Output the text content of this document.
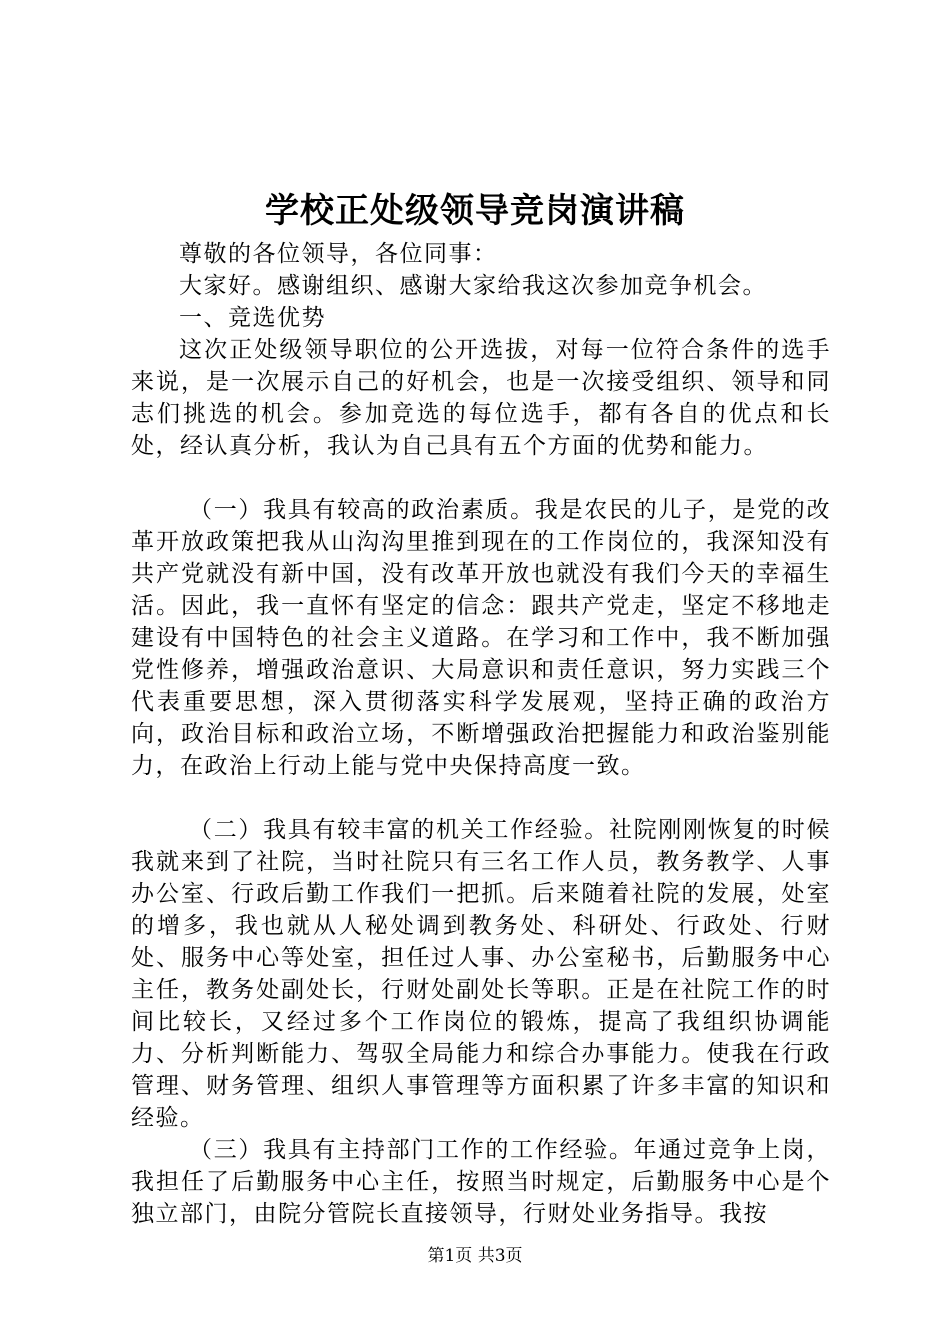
学校正处级领导竞岗演讲稿

尊敬的各位领导，各位同事：

大家好。感谢组织、感谢大家给我这次参加竞争机会。

一、竞选优势

这次正处级领导职位的公开选拔，对每一位符合条件的选手来说，是一次展示自己的好机会，也是一次接受组织、领导和同志们挑选的机会。参加竞选的每位选手，都有各自的优点和长处，经认真分析，我认为自己具有五个方面的优势和能力。

（一）我具有较高的政治素质。我是农民的儿子，是党的改革开放政策把我从山沟沟里推到现在的工作岗位的，我深知没有共产党就没有新中国，没有改革开放也就没有我们今天的幸福生活。因此，我一直怀有坚定的信念：跟共产党走，坚定不移地走建设有中国特色的社会主义道路。在学习和工作中，我不断加强党性修养，增强政治意识、大局意识和责任意识，努力实践三个代表重要思想，深入贯彻落实科学发展观，坚持正确的政治方向，政治目标和政治立场，不断增强政治把握能力和政治鉴别能力，在政治上行动上能与党中央保持高度一致。

（二）我具有较丰富的机关工作经验。社院刚刚恢复的时候我就来到了社院，当时社院只有三名工作人员，教务教学、人事办公室、行政后勤工作我们一把抓。后来随着社院的发展，处室的增多，我也就从人秘处调到教务处、科研处、行政处、行财处、服务中心等处室，担任过人事、办公室秘书，后勤服务中心主任，教务处副处长，行财处副处长等职。正是在社院工作的时间比较长，又经过多个工作岗位的锻炼，提高了我组织协调能力、分析判断能力、驾驭全局能力和综合办事能力。使我在行政管理、财务管理、组织人事管理等方面积累了许多丰富的知识和经验。

（三）我具有主持部门工作的工作经验。年通过竞争上岗，我担任了后勤服务中心主任，按照当时规定，后勤服务中心是个独立部门，由院分管院长直接领导，行财处业务指导。我按

第1页 共3页
